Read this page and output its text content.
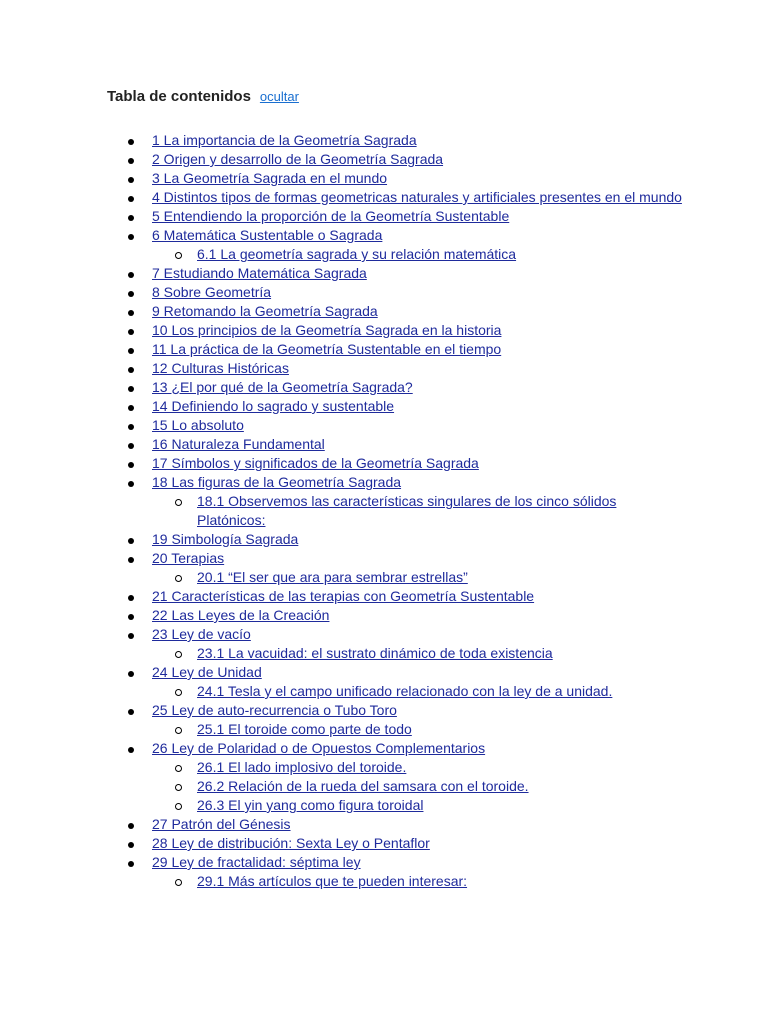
Tabla de contenidos ocultar
1 La importancia de la Geometría Sagrada
2 Origen y desarrollo de la Geometría Sagrada
3 La Geometría Sagrada en el mundo
4 Distintos tipos de formas geometricas naturales y artificiales presentes en el mundo
5 Entendiendo la proporción de la Geometría Sustentable
6 Matemática Sustentable o Sagrada
6.1 La geometría sagrada y su relación matemática
7 Estudiando Matemática Sagrada
8 Sobre Geometría
9 Retomando la Geometría Sagrada
10 Los principios de la Geometría Sagrada en la historia
11 La práctica de la Geometría Sustentable en el tiempo
12 Culturas Históricas
13 ¿El por qué de la Geometría Sagrada?
14 Definiendo lo sagrado y sustentable
15 Lo absoluto
16 Naturaleza Fundamental
17 Símbolos y significados de la Geometría Sagrada
18 Las figuras de la Geometría Sagrada
18.1 Observemos las características singulares de los cinco sólidos Platónicos:
19 Simbología Sagrada
20 Terapias
20.1 “El ser que ara para sembrar estrellas”
21 Características de las terapias con Geometría Sustentable
22 Las Leyes de la Creación
23 Ley de vacío
23.1 La vacuidad: el sustrato dinámico de toda existencia
24 Ley de Unidad
24.1 Tesla y el campo unificado relacionado con la ley de a unidad.
25 Ley de auto-recurrencia o Tubo Toro
25.1 El toroide como parte de todo
26 Ley de Polaridad o de Opuestos Complementarios
26.1 El lado implosivo del toroide.
26.2 Relación de la rueda del samsara con el toroide.
26.3 El yin yang como figura toroidal
27 Patrón del Génesis
28 Ley de distribución: Sexta Ley o Pentaflor
29 Ley de fractalidad: séptima ley
29.1 Más artículos que te pueden interesar:
